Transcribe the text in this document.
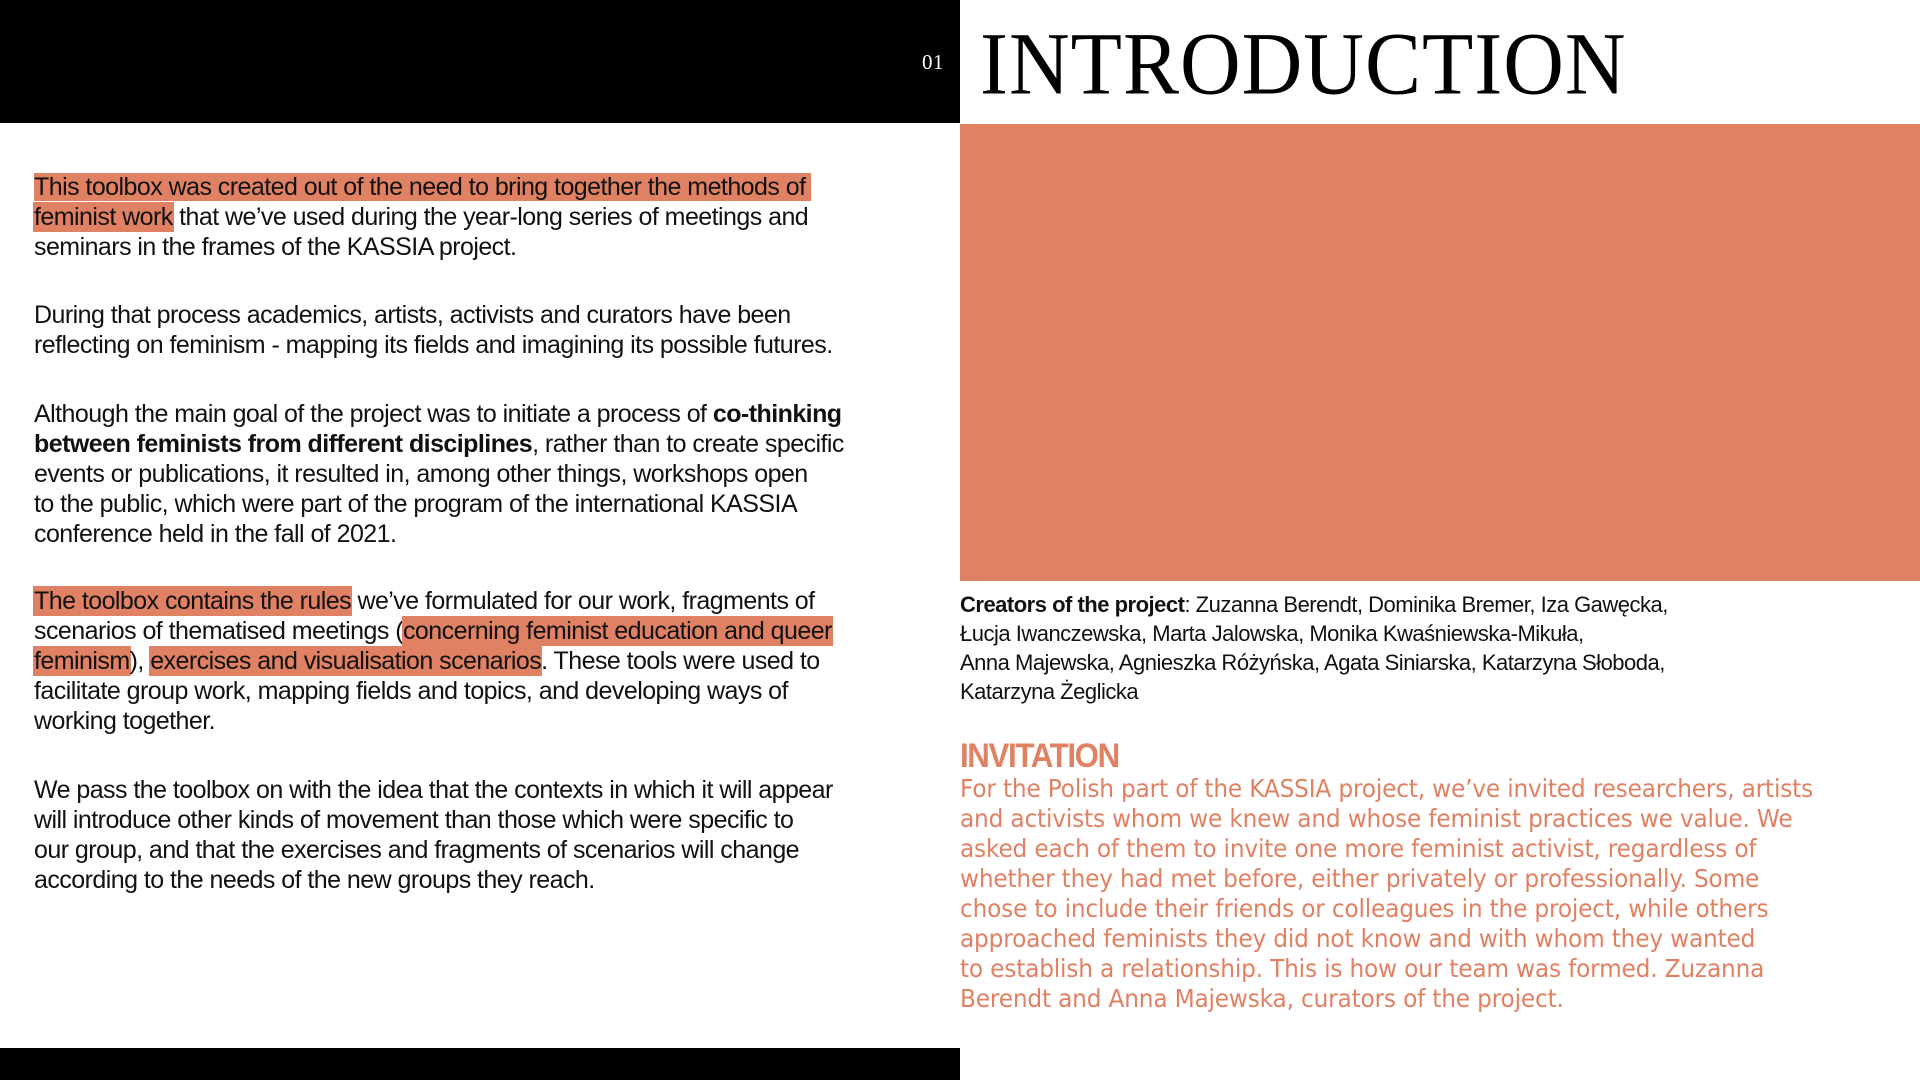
01 INTRODUCTION
This toolbox was created out of the need to bring together the methods of
feminist work that we’ve used during the year-long series of meetings and
seminars in the frames of the KASSIA project.
During that process academics, artists, activists and curators have been
reflecting on feminism - mapping its fields and imagining its possible futures.
Although the main goal of the project was to initiate a process of co-thinking
between feminists from different disciplines, rather than to create specific
events or publications, it resulted in, among other things, workshops open
to the public, which were part of the program of the international KASSIA
conference held in the fall of 2021.
The toolbox contains the rules we’ve formulated for our work, fragments of
scenarios of thematised meetings (concerning feminist education and queer
feminism), exercises and visualisation scenarios. These tools were used to
facilitate group work, mapping fields and topics, and developing ways of
working together.
We pass the toolbox on with the idea that the contexts in which it will appear
will introduce other kinds of movement than those which were specific to
our group, and that the exercises and fragments of scenarios will change
according to the needs of the new groups they reach.
Creators of the project: Zuzanna Berendt, Dominika Bremer, Iza Gawęcka,
Łucja Iwanczewska, Marta Jalowska, Monika Kwaśniewska-Mikuła,
Anna Majewska, Agnieszka Różyńska, Agata Siniarska, Katarzyna Słoboda,
Katarzyna Żeglicka
INVITATION
For the Polish part of the KASSIA project, we’ve invited researchers, artists
and activists whom we knew and whose feminist practices we value. We
asked each of them to invite one more feminist activist, regardless of
whether they had met before, either privately or professionally. Some
chose to include their friends or colleagues in the project, while others
approached feminists they did not know and with whom they wanted
to establish a relationship. This is how our team was formed. Zuzanna
Berendt and Anna Majewska, curators of the project.
